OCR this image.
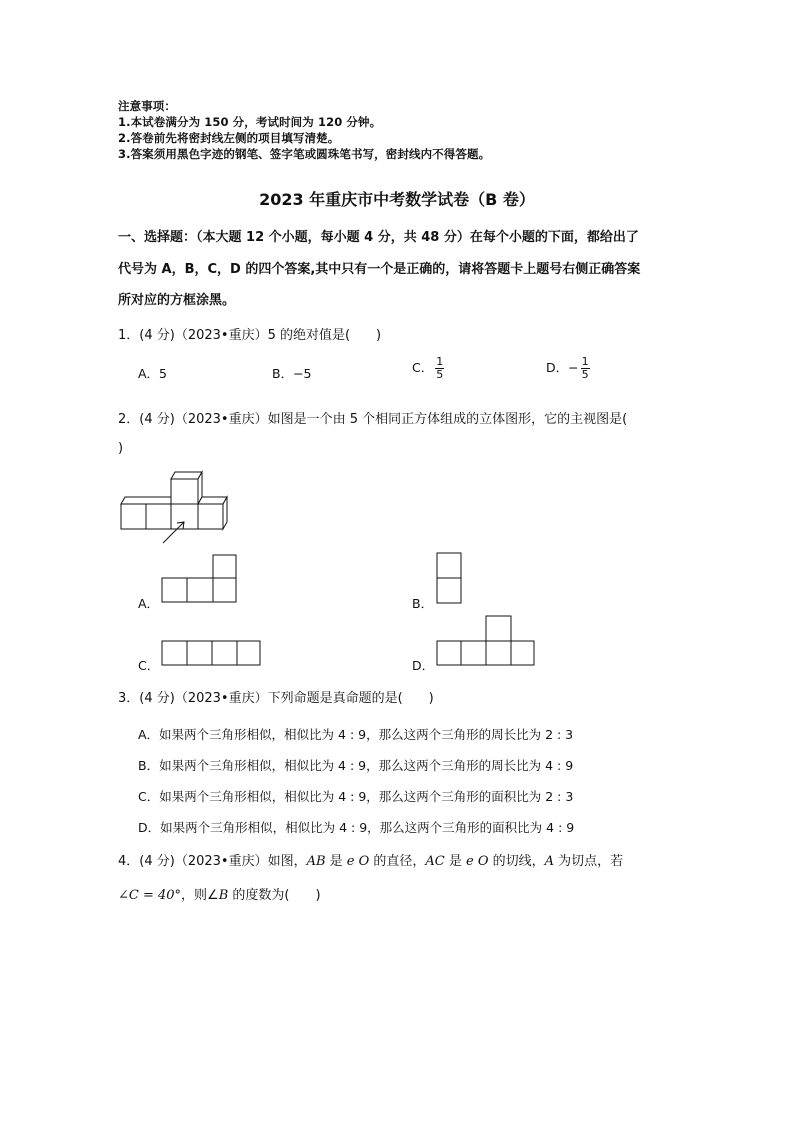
注意事项：
1.本试卷满分为 150 分，考试时间为 120 分钟。
2.答卷前先将密封线左侧的项目填写清楚。
3.答案须用黑色字迹的钢笔、签字笔或圆珠笔书写，密封线内不得答题。
2023 年重庆市中考数学试卷（B 卷）
一、选择题：（本大题 12 个小题，每小题 4 分，共 48 分）在每个小题的下面，都给出了
代号为 A，B，C，D 的四个答案,其中只有一个是正确的，请将答题卡上题号右侧正确答案
所对应的方框涂黑。
1．(4 分)（2023•重庆）5 的绝对值是(　　)
A．5	B．−5	C． $\frac{1}{5}$	D．− $\frac{1}{5}$
2．(4 分)（2023•重庆）如图是一个由 5 个相同正方体组成的立体图形，它的主视图是(
)
A．	B．
C．	D．
3．(4 分)（2023•重庆）下列命题是真命题的是(　　)
A．如果两个三角形相似，相似比为 4 : 9，那么这两个三角形的周长比为 2 : 3
B．如果两个三角形相似，相似比为 4 : 9，那么这两个三角形的周长比为 4 : 9
C．如果两个三角形相似，相似比为 4 : 9，那么这两个三角形的面积比为 2 : 3
D．如果两个三角形相似，相似比为 4 : 9，那么这两个三角形的面积比为 4 : 9
4．(4 分)（2023•重庆）如图，AB 是 e O 的直径，AC 是 e O 的切线，A 为切点，若
∠C = 40°，则∠B 的度数为(　　)
